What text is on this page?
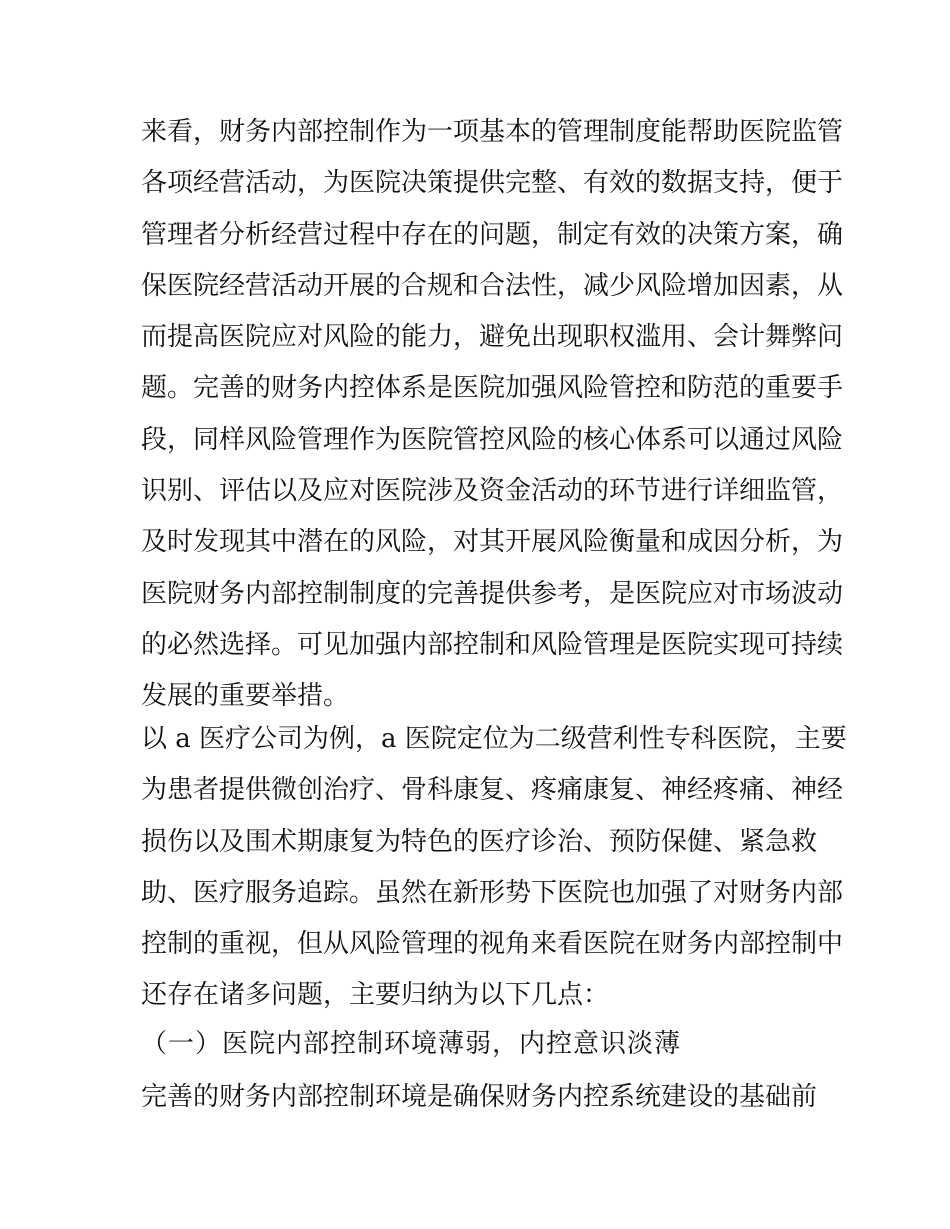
来看，财务内部控制作为一项基本的管理制度能帮助医院监管
各项经营活动，为医院决策提供完整、有效的数据支持，便于
管理者分析经营过程中存在的问题，制定有效的决策方案，确
保医院经营活动开展的合规和合法性，减少风险增加因素，从
而提高医院应对风险的能力，避免出现职权滥用、会计舞弊问
题。完善的财务内控体系是医院加强风险管控和防范的重要手
段，同样风险管理作为医院管控风险的核心体系可以通过风险
识别、评估以及应对医院涉及资金活动的环节进行详细监管，
及时发现其中潜在的风险，对其开展风险衡量和成因分析，为
医院财务内部控制制度的完善提供参考，是医院应对市场波动
的必然选择。可见加强内部控制和风险管理是医院实现可持续
发展的重要举措。
以 a 医疗公司为例，a 医院定位为二级营利性专科医院，主要
为患者提供微创治疗、骨科康复、疼痛康复、神经疼痛、神经
损伤以及围术期康复为特色的医疗诊治、预防保健、紧急救
助、医疗服务追踪。虽然在新形势下医院也加强了对财务内部
控制的重视，但从风险管理的视角来看医院在财务内部控制中
还存在诸多问题，主要归纳为以下几点：
（一）医院内部控制环境薄弱，内控意识淡薄
完善的财务内部控制环境是确保财务内控系统建设的基础前
